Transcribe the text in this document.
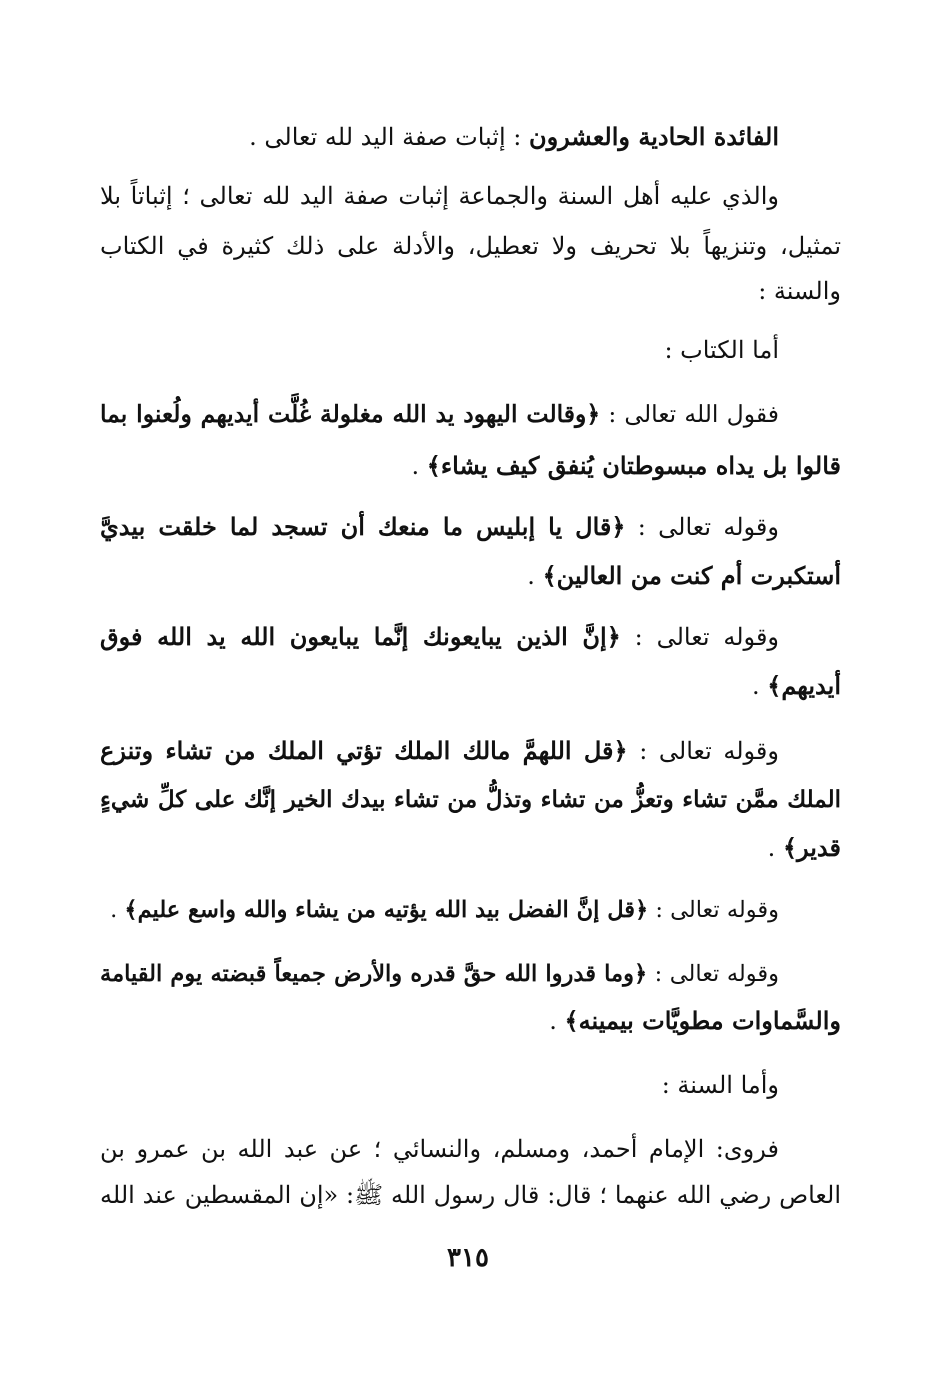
الفائدة الحادية والعشرون : إثبات صفة اليد لله تعالى .
والذي عليه أهل السنة والجماعة إثبات صفة اليد لله تعالى ؛ إثباتاً بلا
تمثيل، وتنزيهاً بلا تحريف ولا تعطيل، والأدلة على ذلك كثيرة في الكتاب
والسنة :
أما الكتاب :
فقول الله تعالى : ﴿وقالت اليهود يد الله مغلولة غُلَّت أيديهم ولُعنوا بما
قالوا بل يداه مبسوطتان يُنفق كيف يشاء﴾ .
وقوله تعالى : ﴿قال يا إبليس ما منعك أن تسجد لما خلقت بيديَّ
أستكبرت أم كنت من العالين﴾ .
وقوله تعالى : ﴿إنَّ الذين يبايعونك إنَّما يبايعون الله يد الله فوق
أيديهم﴾ .
وقوله تعالى : ﴿قل اللهمَّ مالك الملك تؤتي الملك من تشاء وتنزع
الملك ممَّن تشاء وتعزُّ من تشاء وتذلُّ من تشاء بيدك الخير إنَّك على كلِّ شيءٍ
قدير﴾ .
وقوله تعالى : ﴿قل إنَّ الفضل بيد الله يؤتيه من يشاء والله واسع عليم﴾ .
وقوله تعالى : ﴿وما قدروا الله حقَّ قدره والأرض جميعاً قبضته يوم القيامة
والسَّماوات مطويَّات بيمينه﴾ .
وأما السنة :
فروى: الإمام أحمد، ومسلم، والنسائي ؛ عن عبد الله بن عمرو بن
العاص رضي الله عنهما ؛ قال: قال رسول الله ﷺ: «إن المقسطين عند الله
٣١٥
